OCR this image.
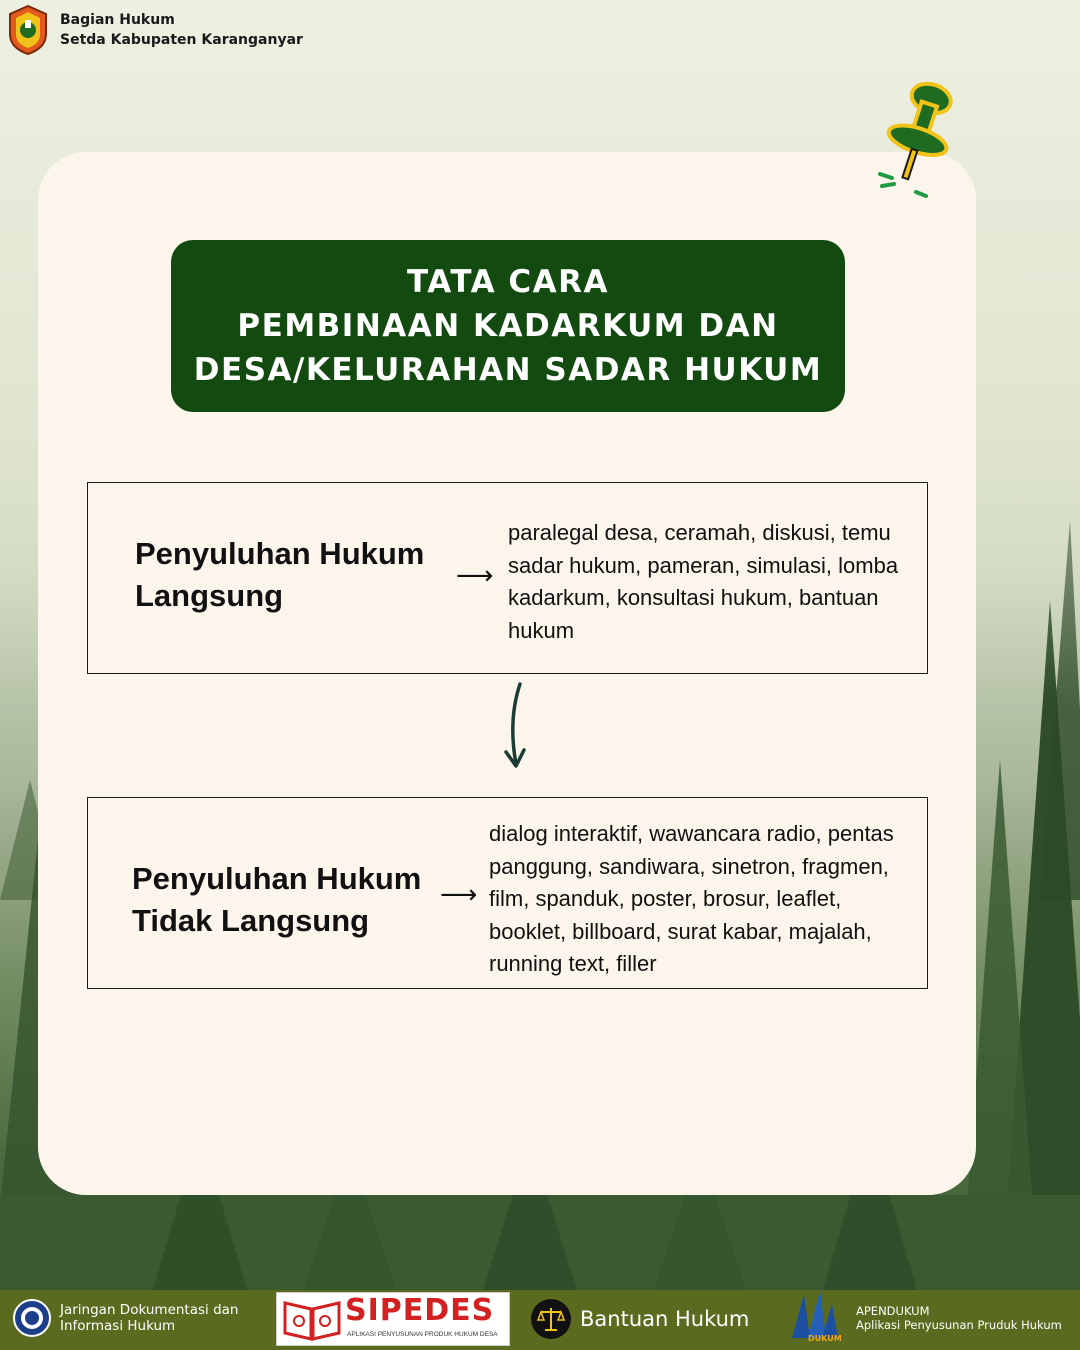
Bagian Hukum
Setda Kabupaten Karanganyar
TATA CARA
PEMBINAAN KADARKUM DAN
DESA/KELURAHAN SADAR HUKUM
Penyuluhan Hukum
Langsung
⟶
paralegal desa, ceramah, diskusi, temu
sadar hukum, pameran, simulasi, lomba
kadarkum, konsultasi hukum, bantuan
hukum
Penyuluhan Hukum
Tidak Langsung
⟶
dialog interaktif, wawancara radio, pentas
panggung, sandiwara, sinetron, fragmen,
film, spanduk, poster, brosur, leaflet,
booklet, billboard, surat kabar, majalah,
running text, filler
Jaringan Dokumentasi dan
Informasi Hukum	SIPEDES
APLIKASI PENYUSUNAN PRODUK HUKUM DESA
Bantuan Hukum
DUKUM
APENDUKUM
Aplikasi Penyusunan Pruduk Hukum
